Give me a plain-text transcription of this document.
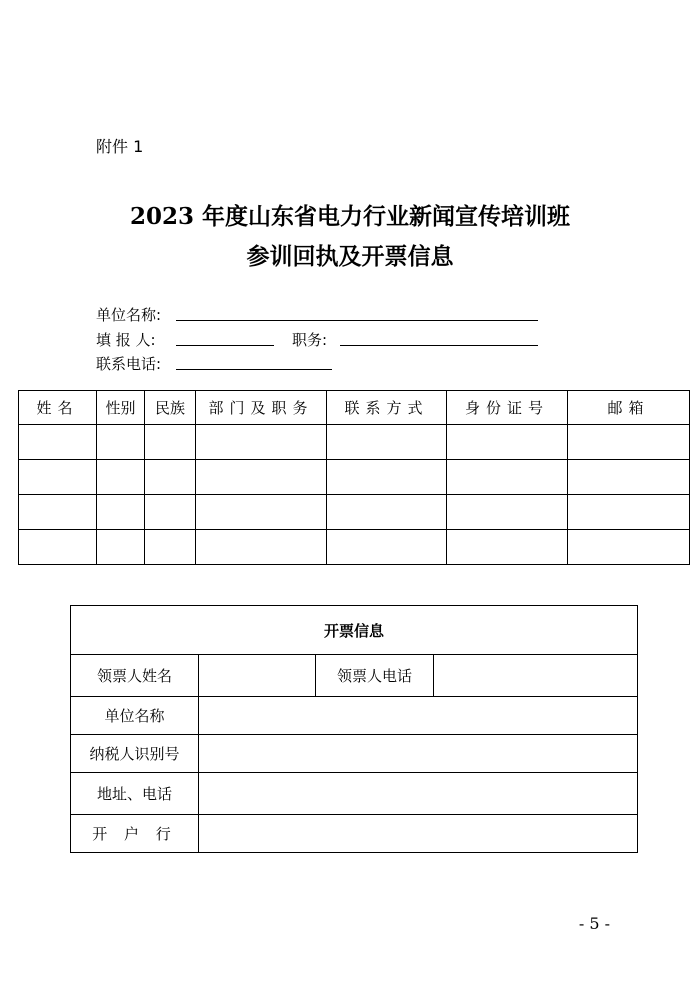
附件 1
2023 年度山东省电力行业新闻宣传培训班
参训回执及开票信息
单位名称:
填 报 人:	职务:
联系电话:
姓名	性别	民族	部门及职务	联系方式	身份证号	邮箱

开票信息			
领票人姓名		领票人电话	
单位名称			
纳税人识别号			
地址、电话			
开 户 行			
- 5 -
